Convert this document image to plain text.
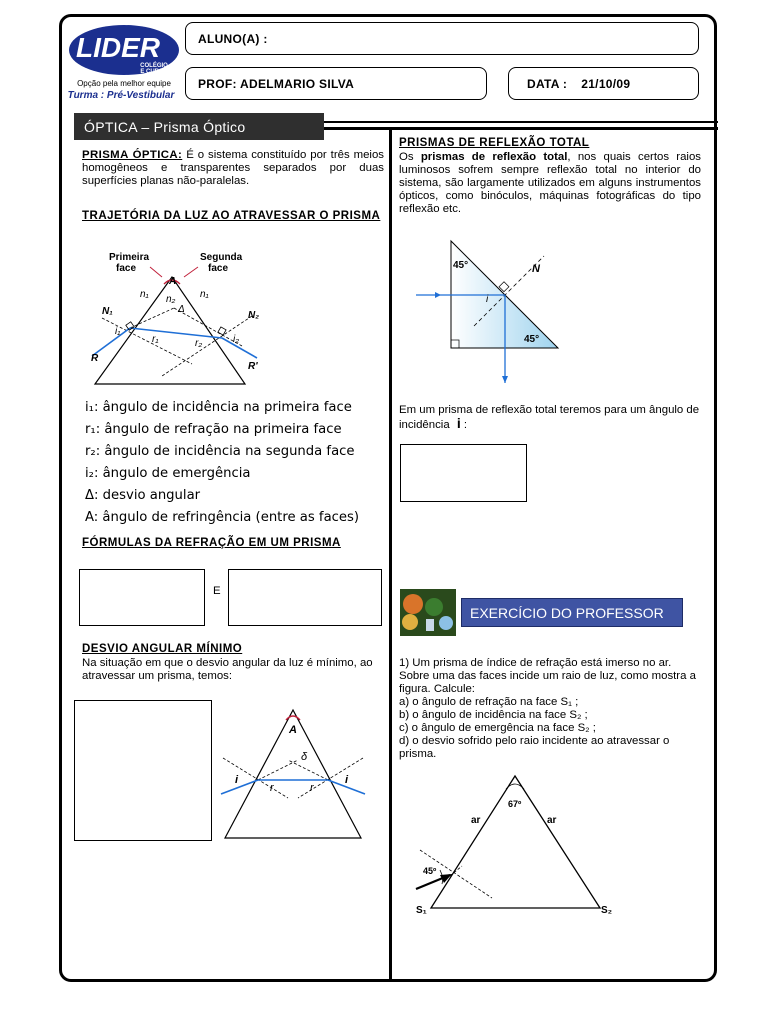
LIDER
COLÉGIO
E CURSO
Opção pela melhor equipe
Turma : Pré-Vestibular
ALUNO(A) :
PROF: ADELMARIO SILVA	DATA : 21/10/09
ÓPTICA – Prisma Óptico
PRISMA ÓPTICA: É o sistema constituído por três meios homogêneos e transparentes separados por duas superfícies planas não-paralelas.
TRAJETÓRIA DA LUZ AO ATRAVESSAR O PRISMA
Primeira
face
Segunda
face
A
n₁ n₂ n₁
Δ
N₁	N₂
i₁
r₁	r₂	i₂
R
R'
i₁: ângulo de incidência na primeira face
r₁: ângulo de refração na primeira face
r₂: ângulo de incidência na segunda face
i₂: ângulo de emergência
Δ: desvio angular
A: ângulo de refringência (entre as faces)
FÓRMULAS DA REFRAÇÃO EM UM PRISMA
E
DESVIO ANGULAR MÍNIMO
Na situação em que o desvio angular da luz é mínimo, ao atravessar um prisma, temos:
A
δ
i	i
r	r
PRISMAS DE REFLEXÃO TOTAL
Os prismas de reflexão total, nos quais certos raios luminosos sofrem sempre reflexão total no interior do sistema, são largamente utilizados em alguns instrumentos ópticos, como binóculos, máquinas fotográficas do tipo reflexão etc.
45°
45°
N
i
Em um prisma de reflexão total teremos para um ângulo de incidência i :
EXERCÍCIO DO PROFESSOR
1) Um prisma de índice de refração está imerso no ar. Sobre uma das faces incide um raio de luz, como mostra a figura. Calcule:
a) o ângulo de refração na face S₁ ;
b) o ângulo de incidência na face S₂ ;
c) o ângulo de emergência na face S₂ ;
d) o desvio sofrido pelo raio incidente ao atravessar o prisma.
67º
ar	ar
45º
S₁	S₂
